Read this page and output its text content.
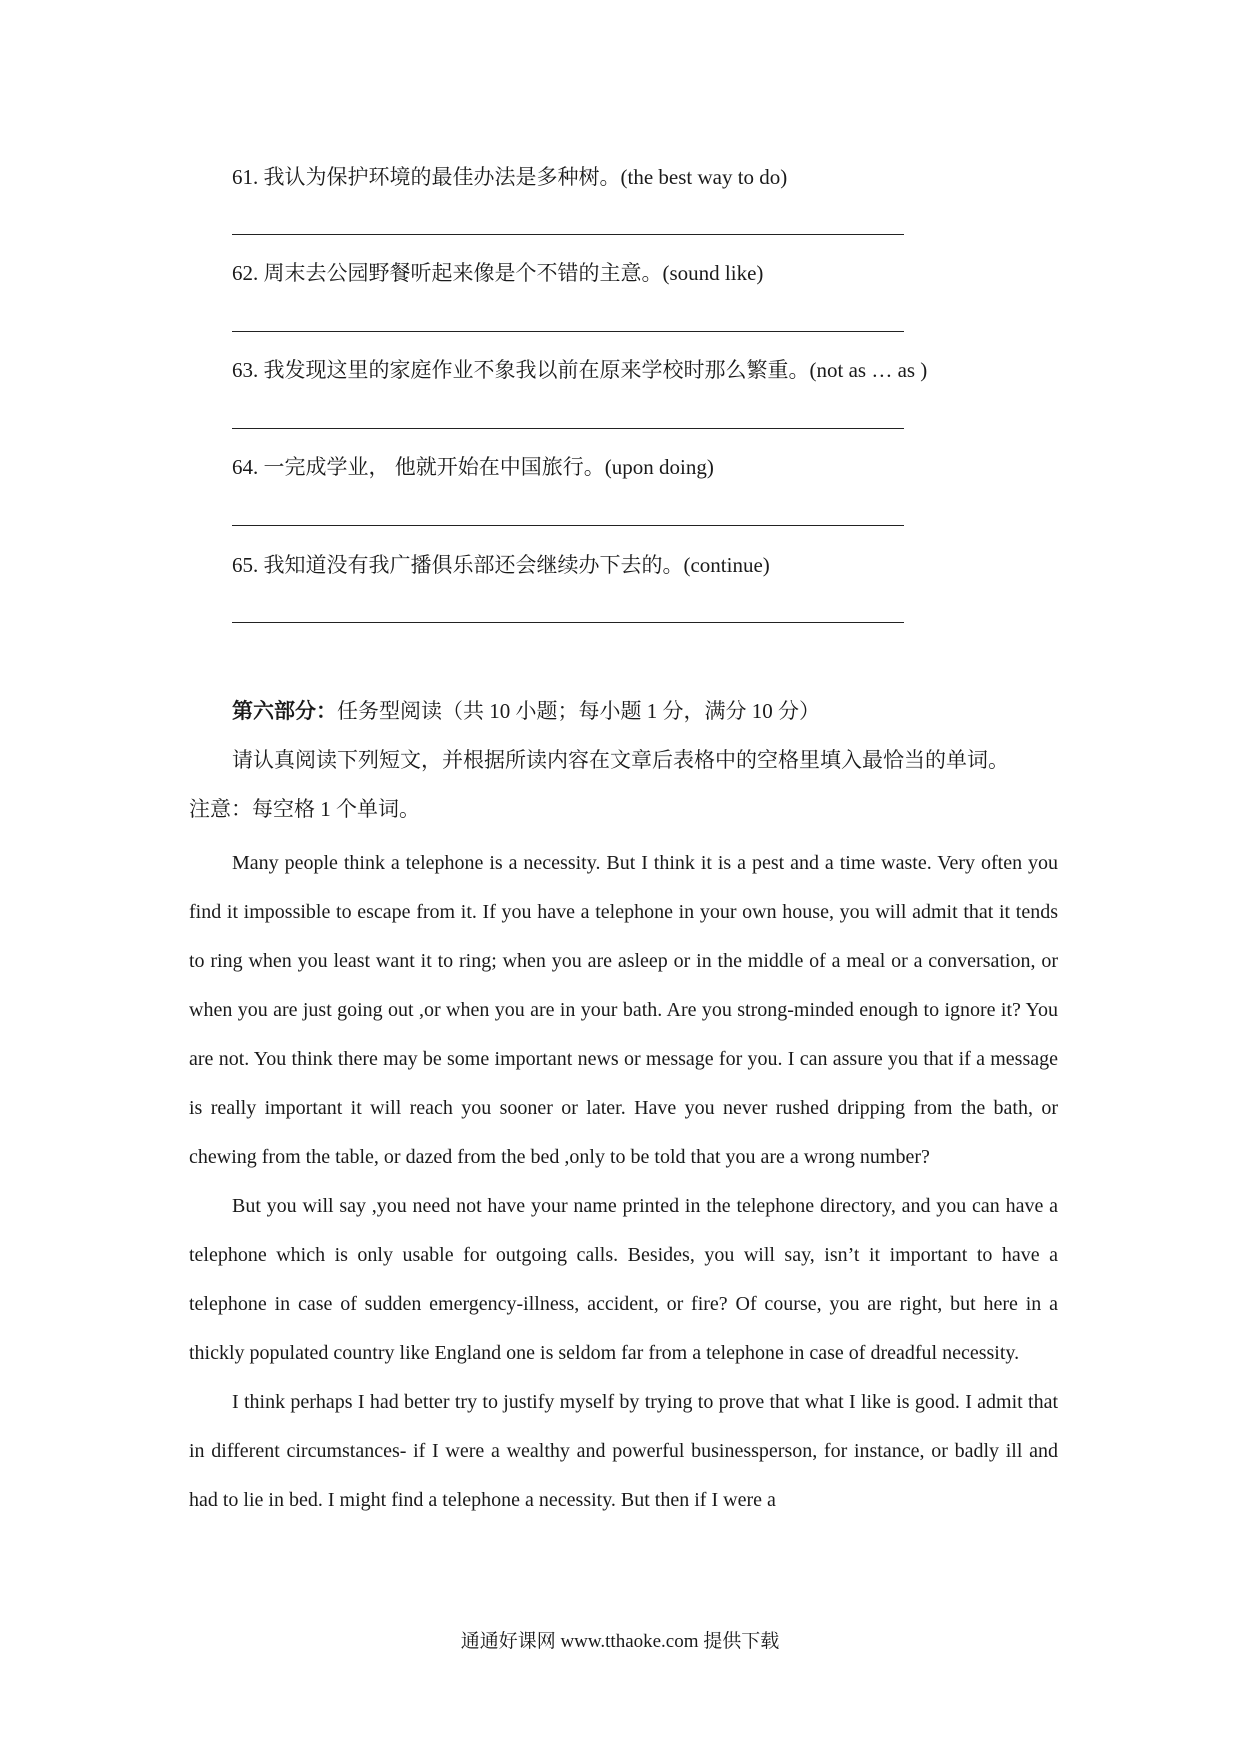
61. 我认为保护环境的最佳办法是多种树。(the best way to do)
62. 周末去公园野餐听起来像是个不错的主意。(sound like)
63. 我发现这里的家庭作业不象我以前在原来学校时那么繁重。(not as … as )
64. 一完成学业， 他就开始在中国旅行。(upon doing)
65. 我知道没有我广播俱乐部还会继续办下去的。(continue)
第六部分：任务型阅读（共 10 小题；每小题 1 分，满分 10 分）
请认真阅读下列短文，并根据所读内容在文章后表格中的空格里填入最恰当的单词。
注意：每空格 1 个单词。

Many people think a telephone is a necessity. But I think it is a pest and a time waste. Very often you find it impossible to escape from it. If you have a telephone in your own house, you will admit that it tends to ring when you least want it to ring; when you are asleep or in the middle of a meal or a conversation, or when you are just going out ,or when you are in your bath. Are you strong-minded enough to ignore it? You are not. You think there may be some important news or message for you. I can assure you that if a message is really important it will reach you sooner or later. Have you never rushed dripping from the bath, or chewing from the table, or dazed from the bed ,only to be told that you are a wrong number?

But you will say ,you need not have your name printed in the telephone directory, and you can have a telephone which is only usable for outgoing calls. Besides, you will say, isn’t it important to have a telephone in case of sudden emergency-illness, accident, or fire? Of course, you are right, but here in a thickly populated country like England one is seldom far from a telephone in case of dreadful necessity.

I think perhaps I had better try to justify myself by trying to prove that what I like is good. I admit that in different circumstances- if I were a wealthy and powerful businessperson, for instance, or badly ill and had to lie in bed. I might find a telephone a necessity. But then if I were a

通通好课网 www.tthaoke.com 提供下载
